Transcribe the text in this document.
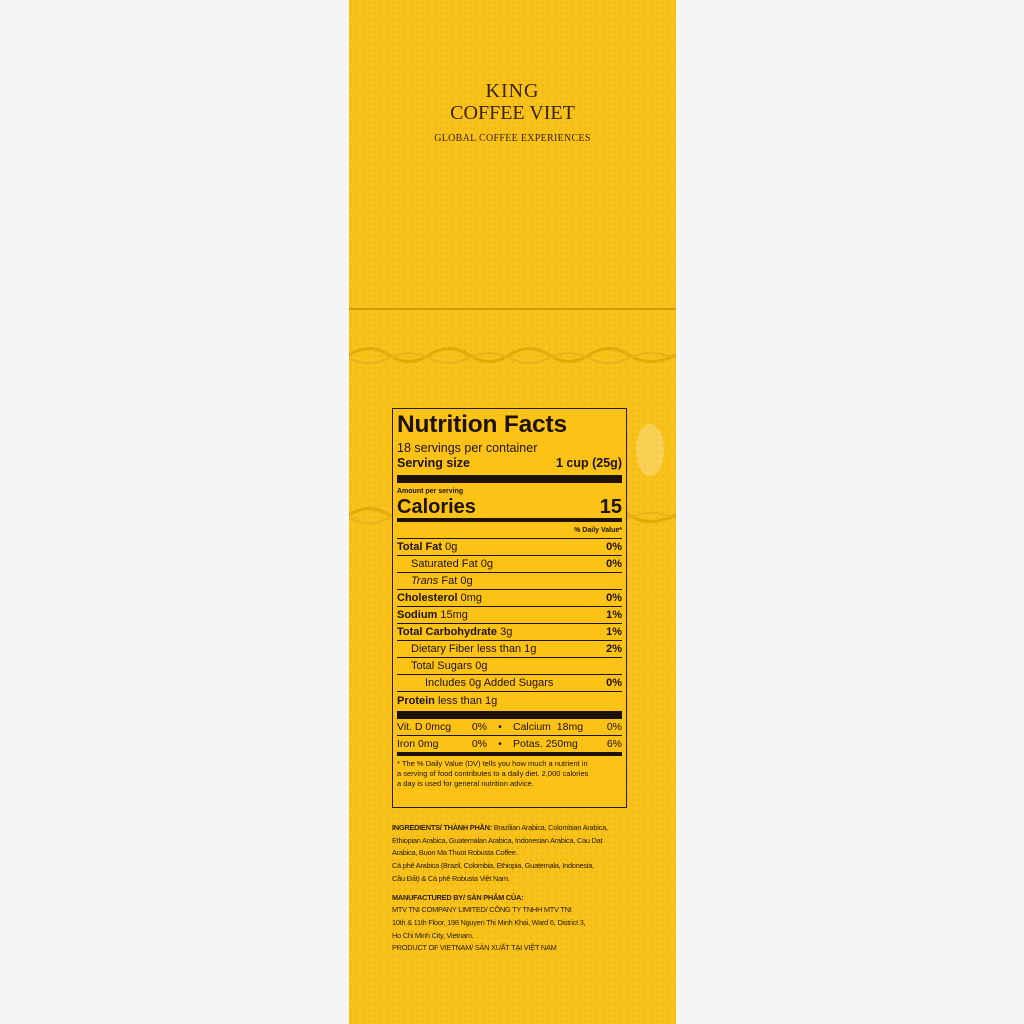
KING
COFFEE VIET
GLOBAL COFFEE EXPERIENCES
Nutrition Facts
18 servings per container
Serving size	1 cup (25g)
Amount per serving
Calories	15
% Daily Value*
Total Fat 0g	0%
Saturated Fat 0g	0%
Trans Fat 0g
Cholesterol 0mg	0%
Sodium 15mg	1%
Total Carbohydrate 3g	1%
Dietary Fiber less than 1g	2%
Total Sugars 0g
Includes 0g Added Sugars	0%
Protein less than 1g
Vit. D 0mcg 0%	•	Calcium 18mg 0%
Iron 0mg	0%	•	Potas. 250mg	6%
* The % Daily Value (DV) tells you how much a nutrient in
a serving of food contributes to a daily diet. 2,000 calories
a day is used for general nutrition advice.
INGREDIENTS/ THÀNH PHẦN: Brazilian Arabica, Colombian Arabica,
Ethiopian Arabica, Guatemalan Arabica, Indonesian Arabica, Cau Dat
Arabica, Buon Ma Thuot Robusta Coffee.
Cà phê Arabica (Brazil, Colombia, Ethiopia, Guatemala, Indonesia,
Cầu Đất) & Cà phê Robusta Việt Nam.
MANUFACTURED BY/ SẢN PHẨM CỦA:
MTV TNI COMPANY LIMITED/ CÔNG TY TNHH MTV TNI
10th & 11th Floor, 198 Nguyen Thi Minh Khai, Ward 6, District 3,
Ho Chi Minh City, Vietnam.
PRODUCT OF VIETNAM/ SẢN XUẤT TẠI VIỆT NAM
